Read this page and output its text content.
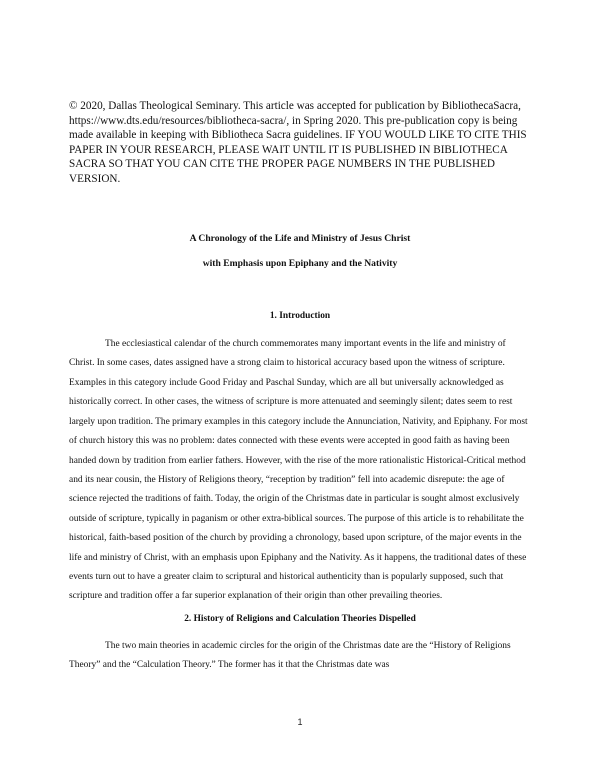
© 2020, Dallas Theological Seminary. This article was accepted for publication by BibliothecaSacra, https://www.dts.edu/resources/bibliotheca-sacra/, in Spring 2020. This pre-publication copy is being made available in keeping with Bibliotheca Sacra guidelines. IF YOU WOULD LIKE TO CITE THIS PAPER IN YOUR RESEARCH, PLEASE WAIT UNTIL IT IS PUBLISHED IN BIBLIOTHECA SACRA SO THAT YOU CAN CITE THE PROPER PAGE NUMBERS IN THE PUBLISHED VERSION.
A Chronology of the Life and Ministry of Jesus Christ
with Emphasis upon Epiphany and the Nativity
1. Introduction
The ecclesiastical calendar of the church commemorates many important events in the life and ministry of Christ. In some cases, dates assigned have a strong claim to historical accuracy based upon the witness of scripture. Examples in this category include Good Friday and Paschal Sunday, which are all but universally acknowledged as historically correct. In other cases, the witness of scripture is more attenuated and seemingly silent; dates seem to rest largely upon tradition. The primary examples in this category include the Annunciation, Nativity, and Epiphany. For most of church history this was no problem: dates connected with these events were accepted in good faith as having been handed down by tradition from earlier fathers. However, with the rise of the more rationalistic Historical-Critical method and its near cousin, the History of Religions theory, “reception by tradition” fell into academic disrepute: the age of science rejected the traditions of faith. Today, the origin of the Christmas date in particular is sought almost exclusively outside of scripture, typically in paganism or other extra-biblical sources. The purpose of this article is to rehabilitate the historical, faith-based position of the church by providing a chronology, based upon scripture, of the major events in the life and ministry of Christ, with an emphasis upon Epiphany and the Nativity. As it happens, the traditional dates of these events turn out to have a greater claim to scriptural and historical authenticity than is popularly supposed, such that scripture and tradition offer a far superior explanation of their origin than other prevailing theories.
2. History of Religions and Calculation Theories Dispelled
The two main theories in academic circles for the origin of the Christmas date are the “History of Religions Theory” and the “Calculation Theory.” The former has it that the Christmas date was
1
